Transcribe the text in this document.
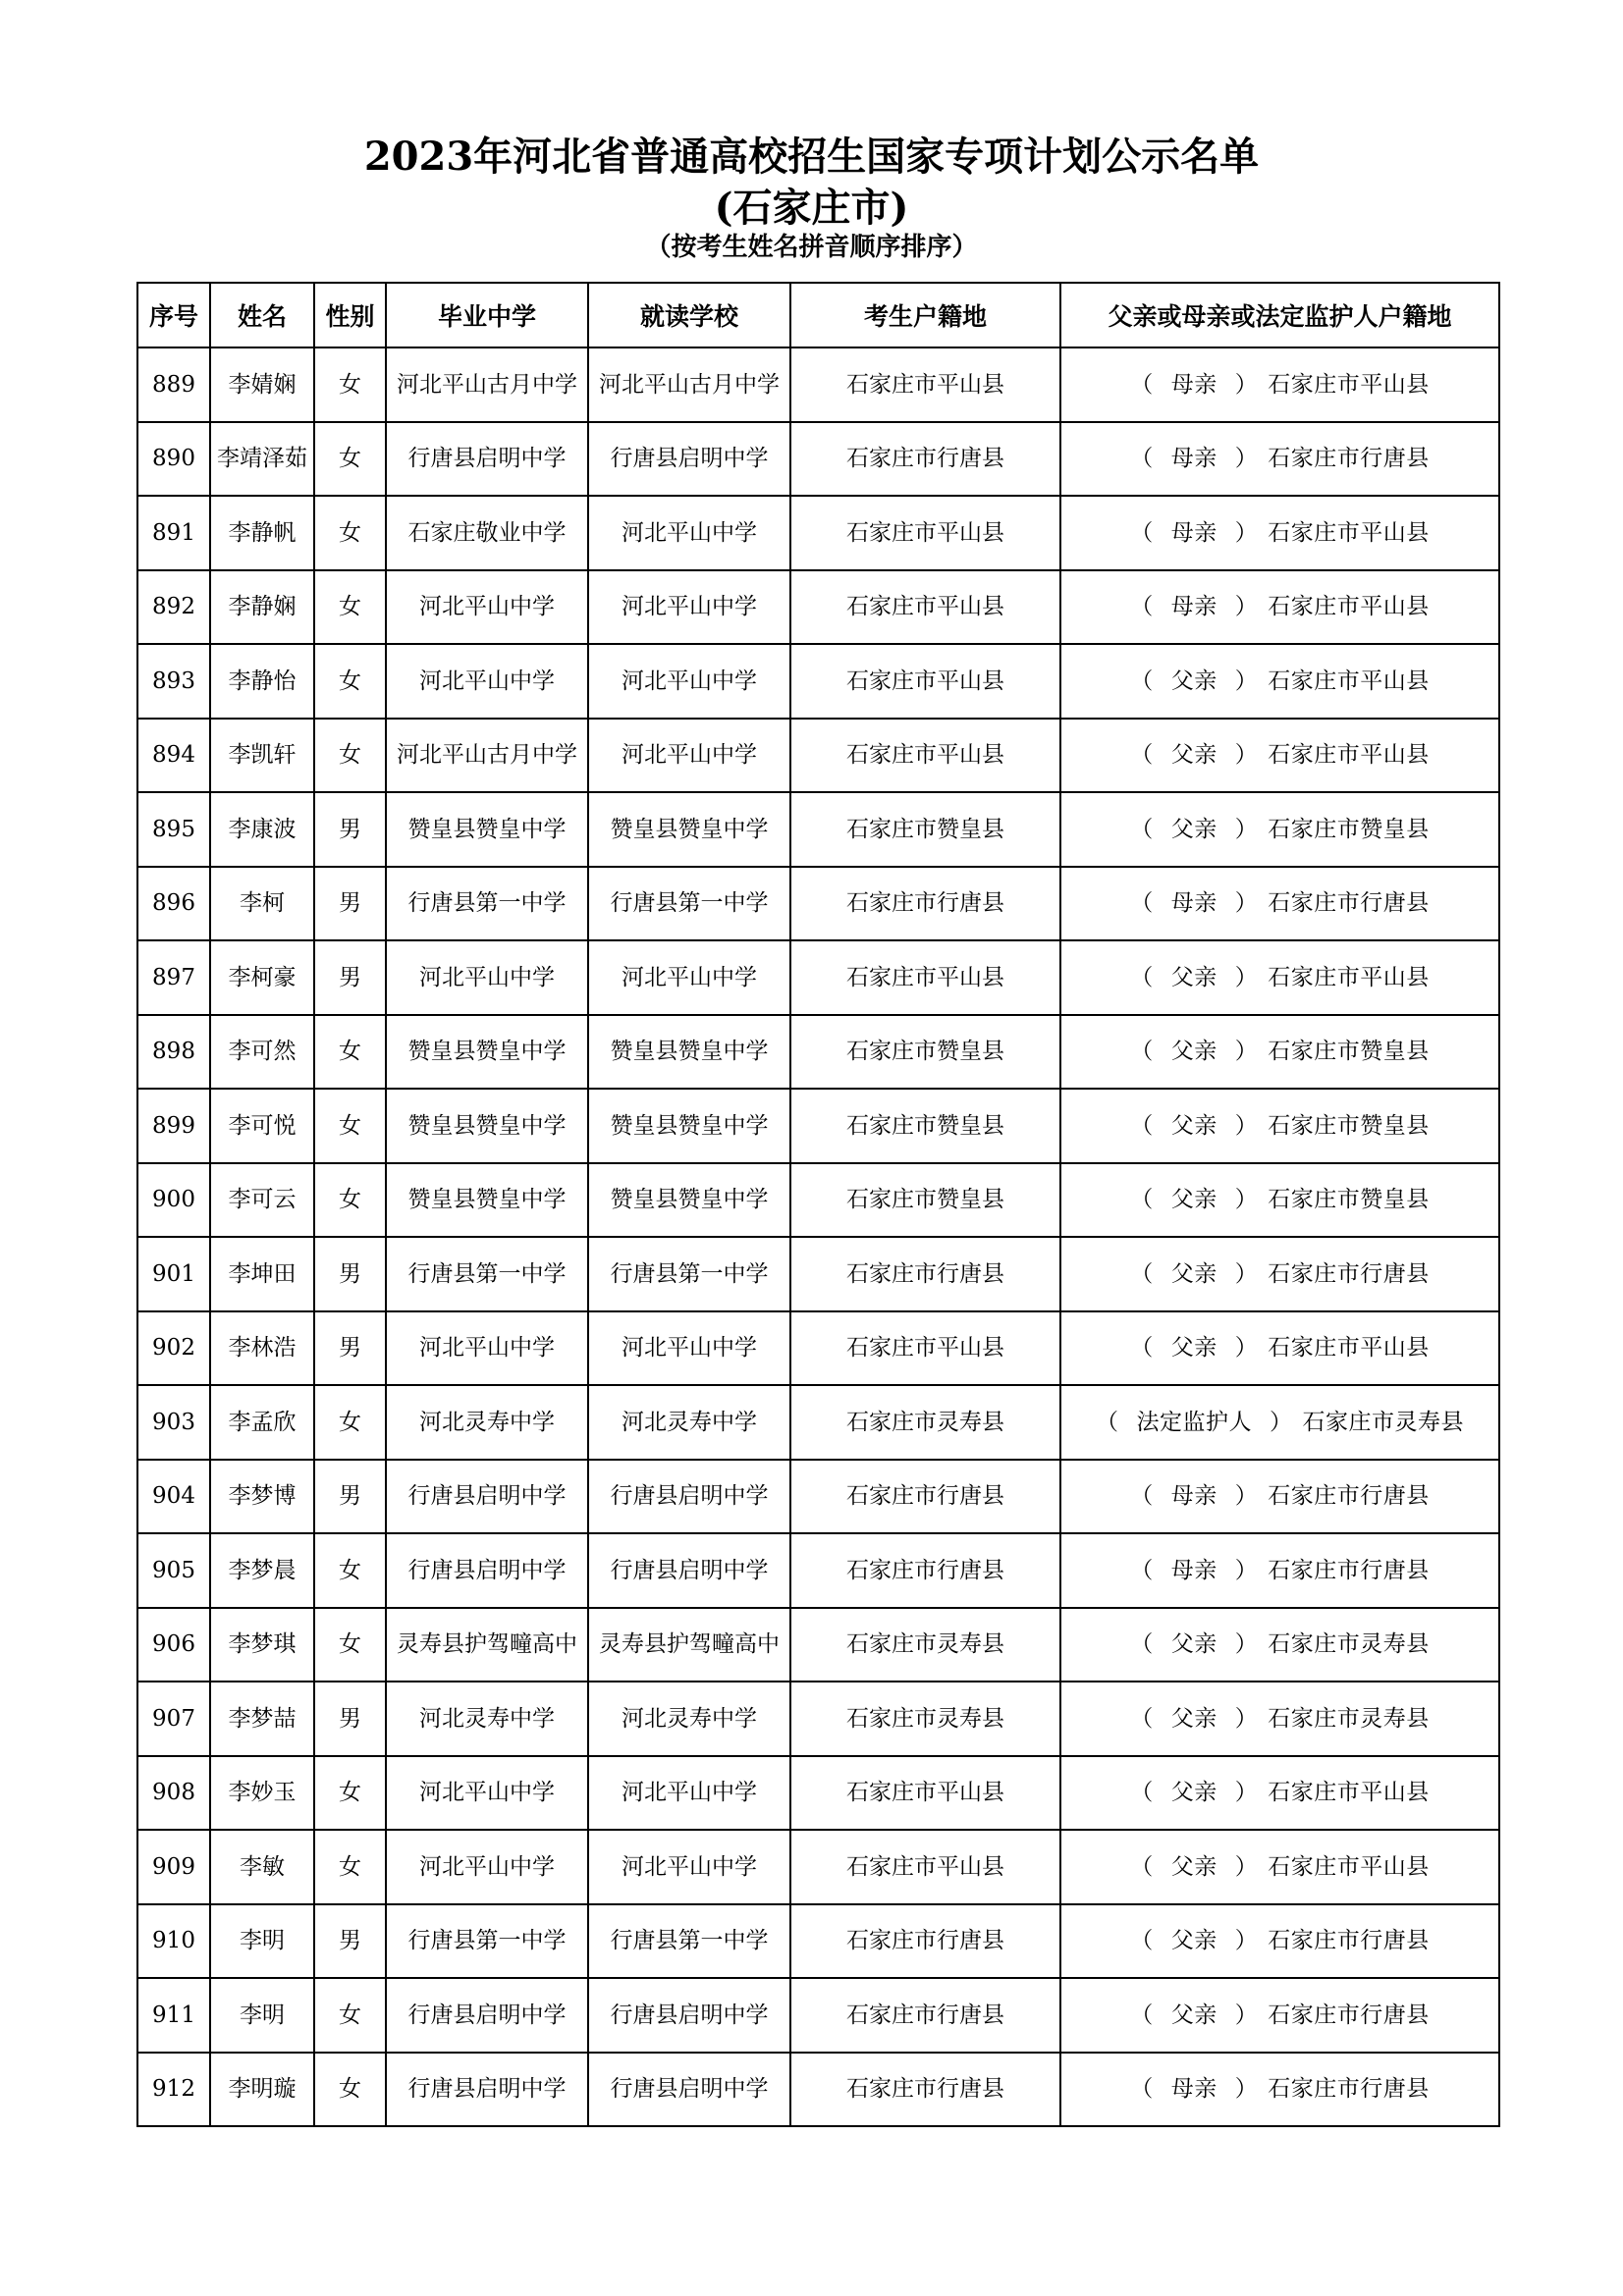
2023年河北省普通高校招生国家专项计划公示名单
(石家庄市)
（按考生姓名拼音顺序排序）
序号	姓名	性别	毕业中学	就读学校	考生户籍地	父亲或母亲或法定监护人户籍地
889	李婧娴	女	河北平山古月中学	河北平山古月中学	石家庄市平山县	（ 母亲 ） 石家庄市平山县
890	李靖泽茹	女	行唐县启明中学	行唐县启明中学	石家庄市行唐县	（ 母亲 ） 石家庄市行唐县
891	李静帆	女	石家庄敬业中学	河北平山中学	石家庄市平山县	（ 母亲 ） 石家庄市平山县
892	李静娴	女	河北平山中学	河北平山中学	石家庄市平山县	（ 母亲 ） 石家庄市平山县
893	李静怡	女	河北平山中学	河北平山中学	石家庄市平山县	（ 父亲 ） 石家庄市平山县
894	李凯轩	女	河北平山古月中学	河北平山中学	石家庄市平山县	（ 父亲 ） 石家庄市平山县
895	李康波	男	赞皇县赞皇中学	赞皇县赞皇中学	石家庄市赞皇县	（ 父亲 ） 石家庄市赞皇县
896	李柯	男	行唐县第一中学	行唐县第一中学	石家庄市行唐县	（ 母亲 ） 石家庄市行唐县
897	李柯豪	男	河北平山中学	河北平山中学	石家庄市平山县	（ 父亲 ） 石家庄市平山县
898	李可然	女	赞皇县赞皇中学	赞皇县赞皇中学	石家庄市赞皇县	（ 父亲 ） 石家庄市赞皇县
899	李可悦	女	赞皇县赞皇中学	赞皇县赞皇中学	石家庄市赞皇县	（ 父亲 ） 石家庄市赞皇县
900	李可云	女	赞皇县赞皇中学	赞皇县赞皇中学	石家庄市赞皇县	（ 父亲 ） 石家庄市赞皇县
901	李坤田	男	行唐县第一中学	行唐县第一中学	石家庄市行唐县	（ 父亲 ） 石家庄市行唐县
902	李林浩	男	河北平山中学	河北平山中学	石家庄市平山县	（ 父亲 ） 石家庄市平山县
903	李孟欣	女	河北灵寿中学	河北灵寿中学	石家庄市灵寿县	（ 法定监护人 ） 石家庄市灵寿县
904	李梦博	男	行唐县启明中学	行唐县启明中学	石家庄市行唐县	（ 母亲 ） 石家庄市行唐县
905	李梦晨	女	行唐县启明中学	行唐县启明中学	石家庄市行唐县	（ 母亲 ） 石家庄市行唐县
906	李梦琪	女	灵寿县护驾疃高中	灵寿县护驾疃高中	石家庄市灵寿县	（ 父亲 ） 石家庄市灵寿县
907	李梦喆	男	河北灵寿中学	河北灵寿中学	石家庄市灵寿县	（ 父亲 ） 石家庄市灵寿县
908	李妙玉	女	河北平山中学	河北平山中学	石家庄市平山县	（ 父亲 ） 石家庄市平山县
909	李敏	女	河北平山中学	河北平山中学	石家庄市平山县	（ 父亲 ） 石家庄市平山县
910	李明	男	行唐县第一中学	行唐县第一中学	石家庄市行唐县	（ 父亲 ） 石家庄市行唐县
911	李明	女	行唐县启明中学	行唐县启明中学	石家庄市行唐县	（ 父亲 ） 石家庄市行唐县
912	李明璇	女	行唐县启明中学	行唐县启明中学	石家庄市行唐县	（ 母亲 ） 石家庄市行唐县
